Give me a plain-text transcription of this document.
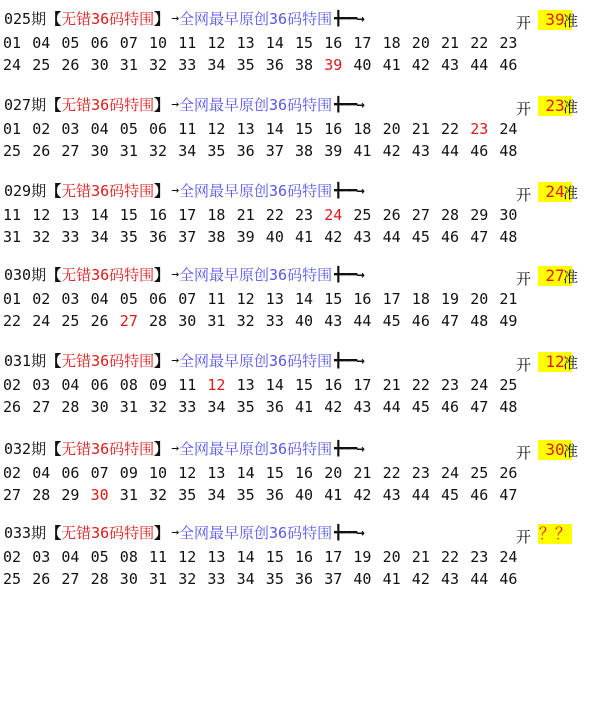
025期【无错36码特围】 →全网最早原创36码特围 ╋━━→	开 39
准
01 04 05 06 07 10 11 12 13 14 15 16 17 18 20 21 22 23
24 25 26 30 31 32 33 34 35 36 38 39 40 41 42 43 44 46
027期【无错36码特围】 →全网最早原创36码特围 ╋━━→	开 23
准
01 02 03 04 05 06 11 12 13 14 15 16 18 20 21 22 23 24
25 26 27 30 31 32 34 35 36 37 38 39 41 42 43 44 46 48
029期【无错36码特围】 →全网最早原创36码特围 ╋━━→	开 24
准
11 12 13 14 15 16 17 18 21 22 23 24 25 26 27 28 29 30
31 32 33 34 35 36 37 38 39 40 41 42 43 44 45 46 47 48
030期【无错36码特围】 →全网最早原创36码特围 ╋━━→	开 27
准
01 02 03 04 05 06 07 11 12 13 14 15 16 17 18 19 20 21
22 24 25 26 27 28 30 31 32 33 40 43 44 45 46 47 48 49
031期【无错36码特围】 →全网最早原创36码特围 ╋━━→	开 12
准
02 03 04 06 08 09 11 12 13 14 15 16 17 21 22 23 24 25
26 27 28 30 31 32 33 34 35 36 41 42 43 44 45 46 47 48
032期【无错36码特围】 →全网最早原创36码特围 ╋━━→	开 30
准
02 04 06 07 09 10 12 13 14 15 16 20 21 22 23 24 25 26
27 28 29 30 31 32 35 34 35 36 40 41 42 43 44 45 46 47
033期【无错36码特围】 →全网最早原创36码特围 ╋━━→	开 ？？
02 03 04 05 08 11 12 13 14 15 16 17 19 20 21 22 23 24
25 26 27 28 30 31 32 33 34 35 36 37 40 41 42 43 44 46
